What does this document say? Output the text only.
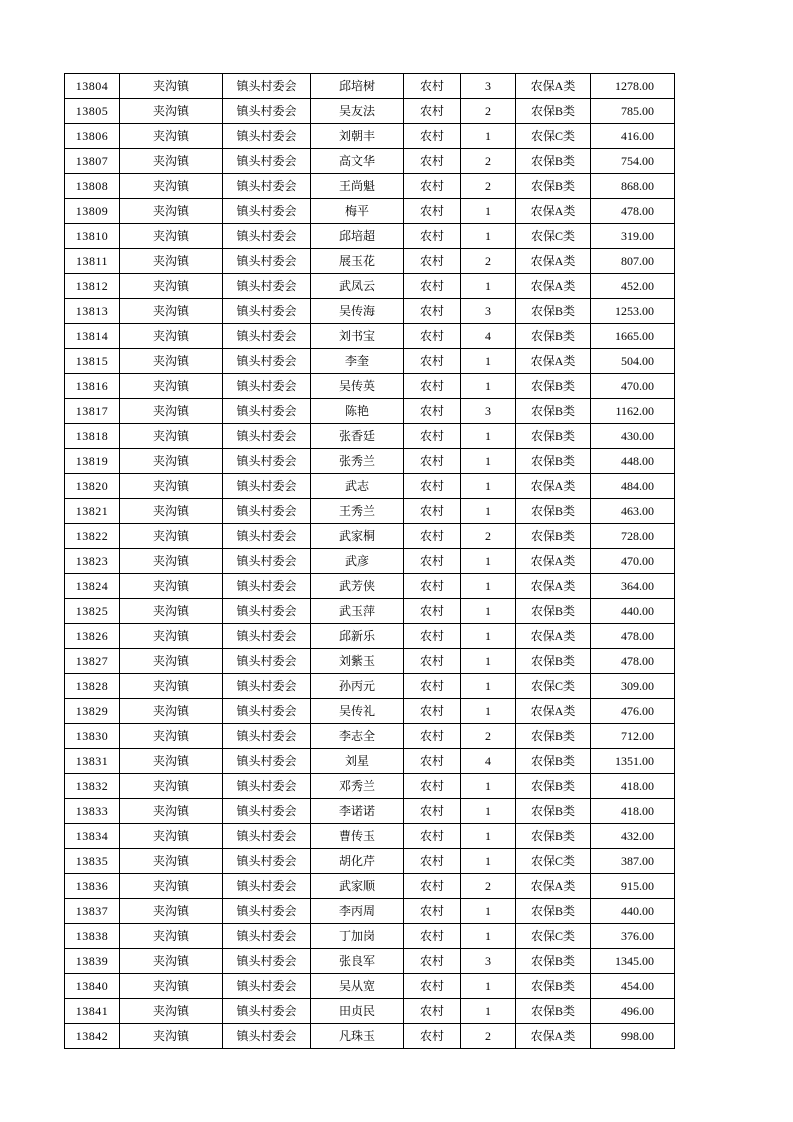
13804	夹沟镇	镇头村委会	邱培树	农村	3	农保A类	1278.00
13805	夹沟镇	镇头村委会	吴友法	农村	2	农保B类	785.00
13806	夹沟镇	镇头村委会	刘朝丰	农村	1	农保C类	416.00
13807	夹沟镇	镇头村委会	高文华	农村	2	农保B类	754.00
13808	夹沟镇	镇头村委会	王尚魁	农村	2	农保B类	868.00
13809	夹沟镇	镇头村委会	梅平	农村	1	农保A类	478.00
13810	夹沟镇	镇头村委会	邱培超	农村	1	农保C类	319.00
13811	夹沟镇	镇头村委会	展玉花	农村	2	农保A类	807.00
13812	夹沟镇	镇头村委会	武凤云	农村	1	农保A类	452.00
13813	夹沟镇	镇头村委会	吴传海	农村	3	农保B类	1253.00
13814	夹沟镇	镇头村委会	刘书宝	农村	4	农保B类	1665.00
13815	夹沟镇	镇头村委会	李奎	农村	1	农保A类	504.00
13816	夹沟镇	镇头村委会	吴传英	农村	1	农保B类	470.00
13817	夹沟镇	镇头村委会	陈艳	农村	3	农保B类	1162.00
13818	夹沟镇	镇头村委会	张香廷	农村	1	农保B类	430.00
13819	夹沟镇	镇头村委会	张秀兰	农村	1	农保B类	448.00
13820	夹沟镇	镇头村委会	武志	农村	1	农保A类	484.00
13821	夹沟镇	镇头村委会	王秀兰	农村	1	农保B类	463.00
13822	夹沟镇	镇头村委会	武家桐	农村	2	农保B类	728.00
13823	夹沟镇	镇头村委会	武彦	农村	1	农保A类	470.00
13824	夹沟镇	镇头村委会	武芳侠	农村	1	农保A类	364.00
13825	夹沟镇	镇头村委会	武玉萍	农村	1	农保B类	440.00
13826	夹沟镇	镇头村委会	邱新乐	农村	1	农保A类	478.00
13827	夹沟镇	镇头村委会	刘紫玉	农村	1	农保B类	478.00
13828	夹沟镇	镇头村委会	孙丙元	农村	1	农保C类	309.00
13829	夹沟镇	镇头村委会	吴传礼	农村	1	农保A类	476.00
13830	夹沟镇	镇头村委会	李志全	农村	2	农保B类	712.00
13831	夹沟镇	镇头村委会	刘星	农村	4	农保B类	1351.00
13832	夹沟镇	镇头村委会	邓秀兰	农村	1	农保B类	418.00
13833	夹沟镇	镇头村委会	李诺诺	农村	1	农保B类	418.00
13834	夹沟镇	镇头村委会	曹传玉	农村	1	农保B类	432.00
13835	夹沟镇	镇头村委会	胡化芹	农村	1	农保C类	387.00
13836	夹沟镇	镇头村委会	武家顺	农村	2	农保A类	915.00
13837	夹沟镇	镇头村委会	李丙周	农村	1	农保B类	440.00
13838	夹沟镇	镇头村委会	丁加岗	农村	1	农保C类	376.00
13839	夹沟镇	镇头村委会	张良军	农村	3	农保B类	1345.00
13840	夹沟镇	镇头村委会	吴从宽	农村	1	农保B类	454.00
13841	夹沟镇	镇头村委会	田贞民	农村	1	农保B类	496.00
13842	夹沟镇	镇头村委会	凡珠玉	农村	2	农保A类	998.00
